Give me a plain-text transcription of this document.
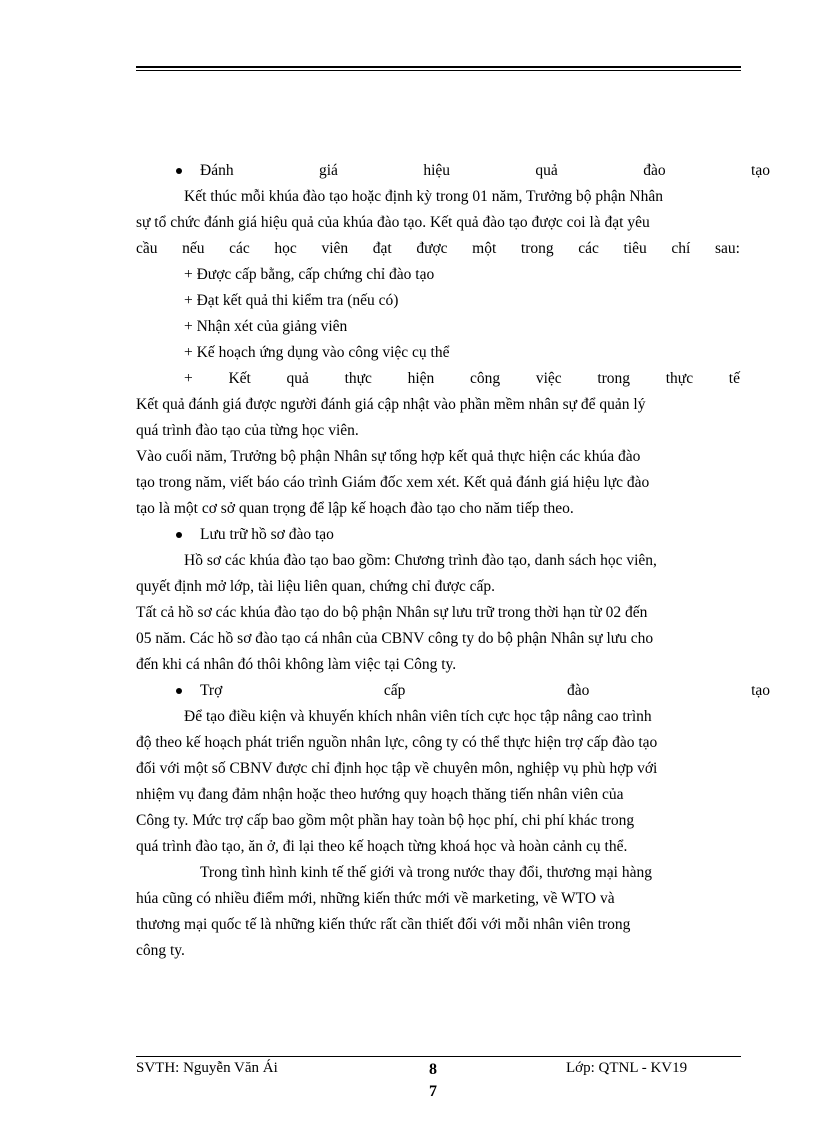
Đánh	giá	hiệu	quả	đào	tạo
Kết thúc mỗi khúa đào tạo hoặc định kỳ trong 01 năm, Trưởng bộ phận Nhân
sự tổ chức đánh giá hiệu quả của khúa đào tạo. Kết quả đào tạo được coi là đạt yêu
cầu nếu các học viên đạt được một trong các tiêu chí sau:
+ Được cấp bằng, cấp chứng chỉ đào tạo
+ Đạt kết quả thi kiểm tra (nếu có)
+ Nhận xét của giảng viên
+ Kế hoạch ứng dụng vào công việc cụ thể
+ Kết quả thực hiện công việc trong thực tế
Kết quả đánh giá được người đánh giá cập nhật vào phần mềm nhân sự để quản lý
quá trình đào tạo của từng học viên.
Vào cuối năm, Trưởng bộ phận Nhân sự tổng hợp kết quả thực hiện các khúa đào
tạo trong năm, viết báo cáo trình Giám đốc xem xét. Kết quả đánh giá hiệu lực đào
tạo là một cơ sở quan trọng để lập kế hoạch đào tạo cho năm tiếp theo.
Lưu trữ hồ sơ đào tạo
Hồ sơ các khúa đào tạo bao gồm: Chương trình đào tạo, danh sách học viên,
quyết định mở lớp, tài liệu liên quan, chứng chỉ được cấp.
Tất cả hồ sơ các khúa đào tạo do bộ phận Nhân sự lưu trữ trong thời hạn từ 02 đến
05 năm. Các hồ sơ đào tạo cá nhân của CBNV công ty do bộ phận Nhân sự lưu cho
đến khi cá nhân đó thôi không làm việc tại Công ty.
Trợ	cấp	đào	tạo
Để tạo điều kiện và khuyến khích nhân viên tích cực học tập nâng cao trình
độ theo kế hoạch phát triển nguồn nhân lực, công ty có thể thực hiện trợ cấp đào tạo
đối với một số CBNV được chỉ định học tập về chuyên môn, nghiệp vụ phù hợp với
nhiệm vụ đang đảm nhận hoặc theo hướng quy hoạch thăng tiến nhân viên của
Công ty. Mức trợ cấp bao gồm một phần hay toàn bộ học phí, chi phí khác trong
quá trình đào tạo, ăn ở, đi lại theo kế hoạch từng khoá học và hoàn cảnh cụ thể.
Trong tình hình kinh tế thế giới và trong nước thay đổi, thương mại hàng
húa cũng có nhiều điểm mới, những kiến thức mới về marketing, về WTO và
thương mại quốc tế là những kiến thức rất cần thiết đối với mỗi nhân viên trong
công ty.
SVTH: Nguyễn Văn Ái	8
7
Lớp: QTNL - KV19
